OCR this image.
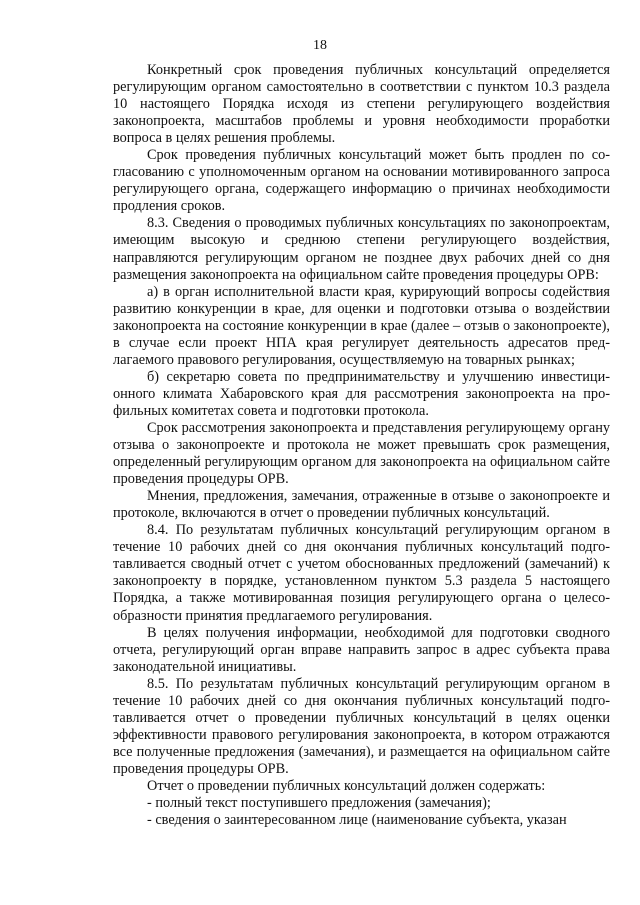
18

Конкретный срок проведения публичных консультаций определяется регулирующим органом самостоятельно в соответствии с пунктом 10.3 раздела 10 настоящего Порядка исходя из степени регулирующего воздействия законопроекта, масштабов проблемы и уровня необходимости проработки вопроса в целях решения проблемы.

Срок проведения публичных консультаций может быть продлен по согласованию с уполномоченным органом на основании мотивированного запроса регулирующего органа, содержащего информацию о причинах необходимости продления сроков.

8.3. Сведения о проводимых публичных консультациях по законопроектам, имеющим высокую и среднюю степени регулирующего воздействия, направляются регулирующим органом не позднее двух рабочих дней со дня размещения законопроекта на официальном сайте проведения процедуры ОРВ:

а) в орган исполнительной власти края, курирующий вопросы содействия развитию конкуренции в крае, для оценки и подготовки отзыва о воздействии законопроекта на состояние конкуренции в крае (далее – отзыв о законопроекте), в случае если проект НПА края регулирует деятельность адресатов предлагаемого правового регулирования, осуществляемую на товарных рынках;

б) секретарю совета по предпринимательству и улучшению инвестиционного климата Хабаровского края для рассмотрения законопроекта на профильных комитетах совета и подготовки протокола.

Срок рассмотрения законопроекта и представления регулирующему органу отзыва о законопроекте и протокола не может превышать срок размещения, определенный регулирующим органом для законопроекта на официальном сайте проведения процедуры ОРВ.

Мнения, предложения, замечания, отраженные в отзыве о законопроекте и протоколе, включаются в отчет о проведении публичных консультаций.

8.4. По результатам публичных консультаций регулирующим органом в течение 10 рабочих дней со дня окончания публичных консультаций подготавливается сводный отчет с учетом обоснованных предложений (замечаний) к законопроекту в порядке, установленном пунктом 5.3 раздела 5 настоящего Порядка, а также мотивированная позиция регулирующего органа о целесообразности принятия предлагаемого регулирования.

В целях получения информации, необходимой для подготовки сводного отчета, регулирующий орган вправе направить запрос в адрес субъекта права законодательной инициативы.

8.5. По результатам публичных консультаций регулирующим органом в течение 10 рабочих дней со дня окончания публичных консультаций подготавливается отчет о проведении публичных консультаций в целях оценки эффективности правового регулирования законопроекта, в котором отражаются все полученные предложения (замечания), и размещается на официальном сайте проведения процедуры ОРВ.

Отчет о проведении публичных консультаций должен содержать:

- полный текст поступившего предложения (замечания);

- сведения о заинтересованном лице (наименование субъекта, указан
